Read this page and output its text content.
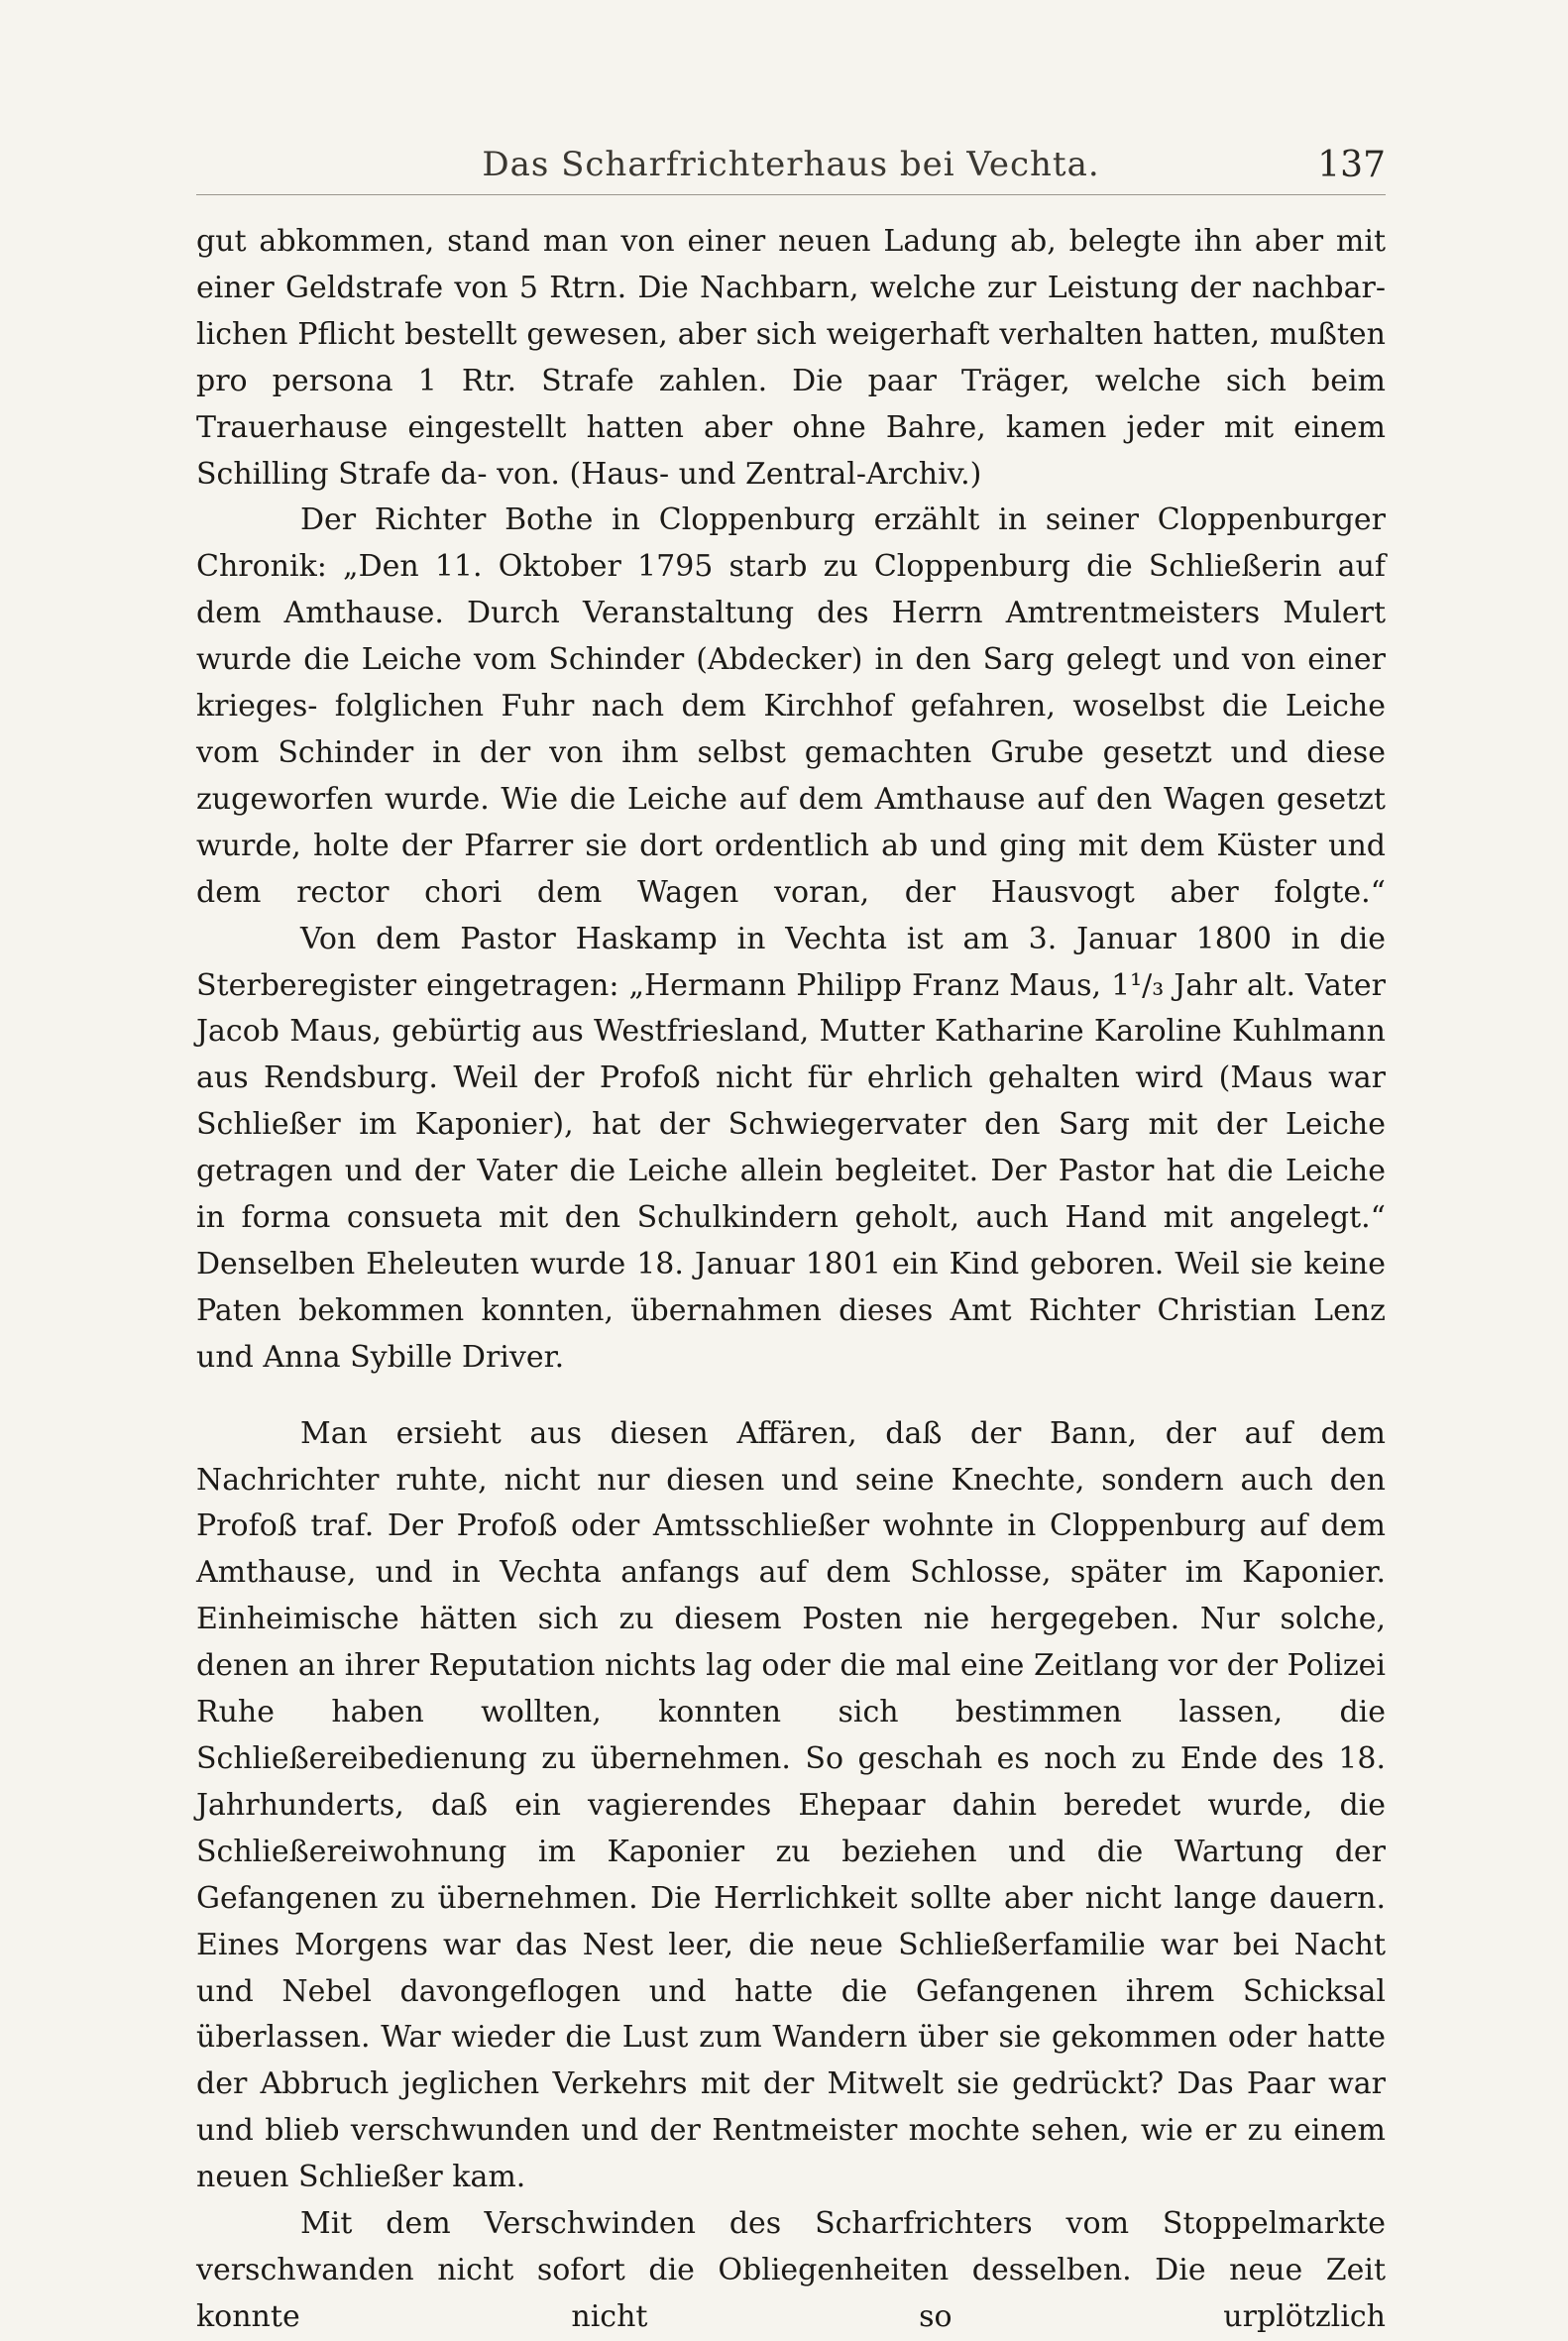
Das Scharfrichterhaus bei Vechta.	137

gut abkommen, stand man von einer neuen Ladung ab, belegte ihn aber mit einer Geldstrafe von 5 Rtrn. Die Nachbarn, welche zur Leistung der nachbar- lichen Pflicht bestellt gewesen, aber sich weigerhaft verhalten hatten, mußten pro persona 1 Rtr. Strafe zahlen. Die paar Träger, welche sich beim Trauerhause eingestellt hatten aber ohne Bahre, kamen jeder mit einem Schilling Strafe da- von. (Haus- und Zentral-Archiv.)

Der Richter Bothe in Cloppenburg erzählt in seiner Cloppenburger Chronik: „Den 11. Oktober 1795 starb zu Cloppenburg die Schließerin auf dem Amthause. Durch Veranstaltung des Herrn Amtrentmeisters Mulert wurde die Leiche vom Schinder (Abdecker) in den Sarg gelegt und von einer krieges- folglichen Fuhr nach dem Kirchhof gefahren, woselbst die Leiche vom Schinder in der von ihm selbst gemachten Grube gesetzt und diese zugeworfen wurde. Wie die Leiche auf dem Amthause auf den Wagen gesetzt wurde, holte der Pfarrer sie dort ordentlich ab und ging mit dem Küster und dem rector chori dem Wagen voran, der Hausvogt aber folgte.“

Von dem Pastor Haskamp in Vechta ist am 3. Januar 1800 in die Sterberegister eingetragen: „Hermann Philipp Franz Maus, 1¹/₃ Jahr alt. Vater Jacob Maus, gebürtig aus Westfriesland, Mutter Katharine Karoline Kuhlmann aus Rendsburg. Weil der Profoß nicht für ehrlich gehalten wird (Maus war Schließer im Kaponier), hat der Schwiegervater den Sarg mit der Leiche getragen und der Vater die Leiche allein begleitet. Der Pastor hat die Leiche in forma consueta mit den Schulkindern geholt, auch Hand mit angelegt.“ Denselben Eheleuten wurde 18. Januar 1801 ein Kind geboren. Weil sie keine Paten bekommen konnten, übernahmen dieses Amt Richter Christian Lenz und Anna Sybille Driver.

Man ersieht aus diesen Affären, daß der Bann, der auf dem Nachrichter ruhte, nicht nur diesen und seine Knechte, sondern auch den Profoß traf. Der Profoß oder Amtsschließer wohnte in Cloppenburg auf dem Amthause, und in Vechta anfangs auf dem Schlosse, später im Kaponier. Einheimische hätten sich zu diesem Posten nie hergegeben. Nur solche, denen an ihrer Reputation nichts lag oder die mal eine Zeitlang vor der Polizei Ruhe haben wollten, konnten sich bestimmen lassen, die Schließereibedienung zu übernehmen. So geschah es noch zu Ende des 18. Jahrhunderts, daß ein vagierendes Ehepaar dahin beredet wurde, die Schließereiwohnung im Kaponier zu beziehen und die Wartung der Gefangenen zu übernehmen. Die Herrlichkeit sollte aber nicht lange dauern. Eines Morgens war das Nest leer, die neue Schließerfamilie war bei Nacht und Nebel davongeflogen und hatte die Gefangenen ihrem Schicksal überlassen. War wieder die Lust zum Wandern über sie gekommen oder hatte der Abbruch jeglichen Verkehrs mit der Mitwelt sie gedrückt? Das Paar war und blieb verschwunden und der Rentmeister mochte sehen, wie er zu einem neuen Schließer kam.

Mit dem Verschwinden des Scharfrichters vom Stoppelmarkte verschwanden nicht sofort die Obliegenheiten desselben. Die neue Zeit konnte nicht so urplötzlich
